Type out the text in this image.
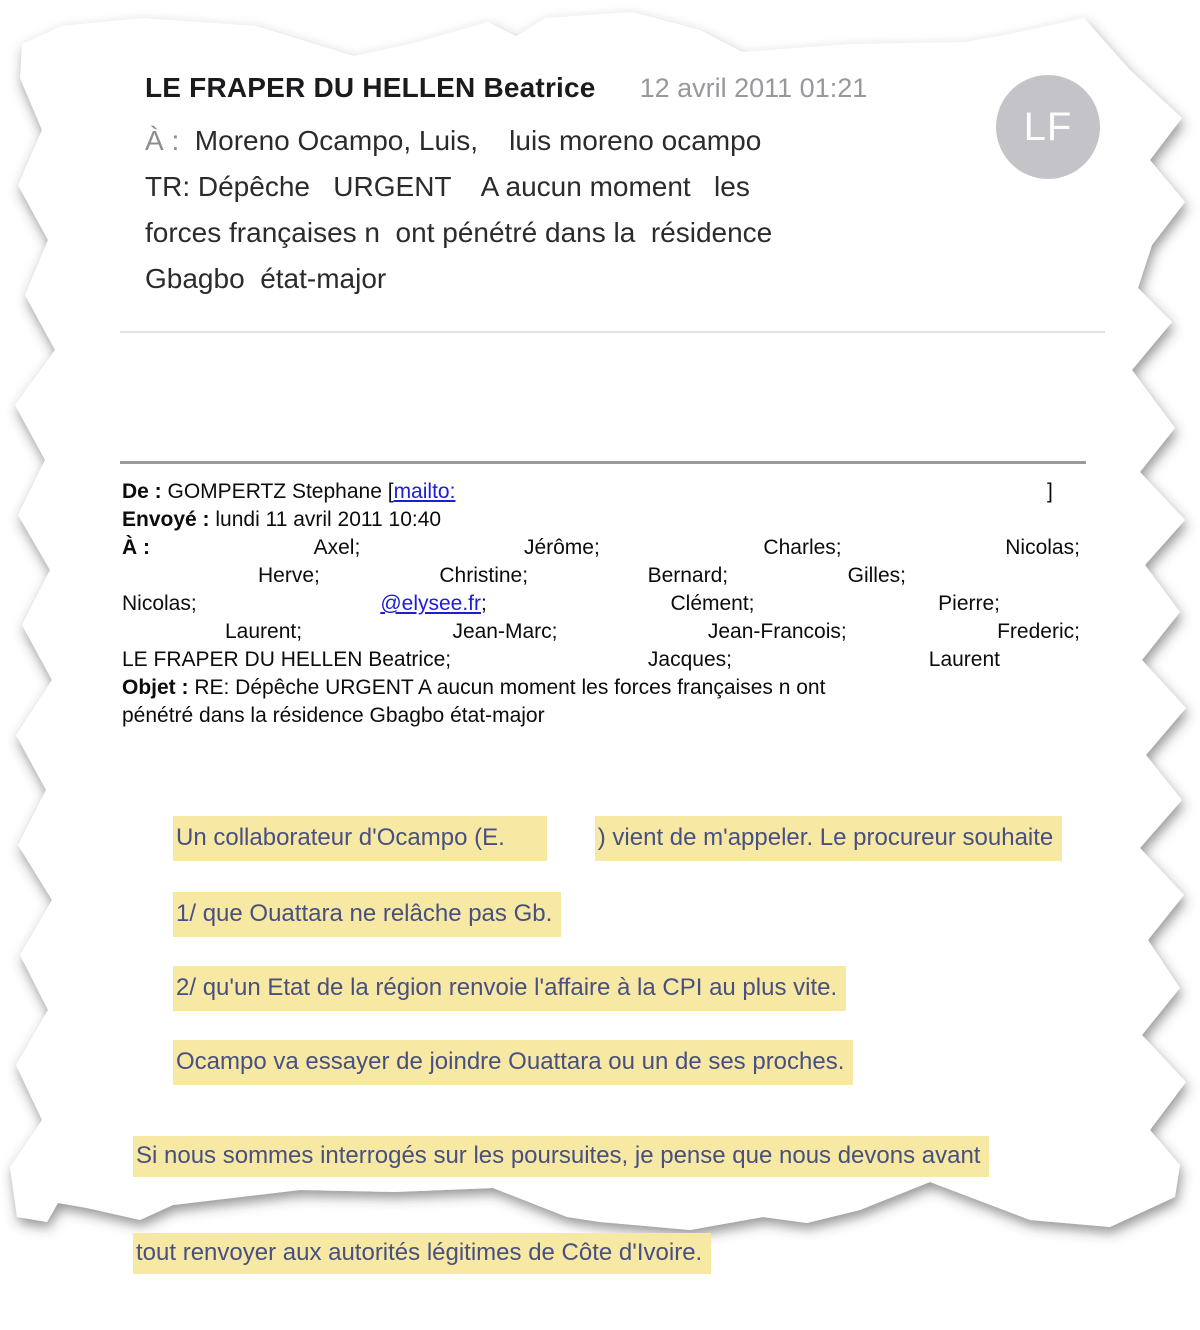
LE FRAPER DU HELLEN Beatrice 12 avril 2011 01:21
À :  Moreno Ocampo, Luis,    luis moreno ocampo
TR: Dépêche   URGENT    A aucun moment   les
forces françaises n  ont pénétré dans la  résidence
Gbagbo  état-major
LF
De : GOMPERTZ Stephane [mailto:	]
Envoyé : lundi 11 avril 2011 10:40
À :	Axel;	Jérôme;	Charles;	Nicolas;
Herve;	Christine;	Bernard;	Gilles;
Nicolas;	@elysee.fr;	Clément;	Pierre;
Laurent;	Jean-Marc;	Jean-Francois;	Frederic;
LE FRAPER DU HELLEN Beatrice;	Jacques;	Laurent
Objet : RE: Dépêche URGENT A aucun moment les forces françaises n ont
pénétré dans la résidence Gbagbo état-major

Un collaborateur d'Ocampo (E.	) vient de m'appeler. Le procureur souhaite

1/ que Ouattara ne relâche pas Gb.

2/ qu'un Etat de la région renvoie l'affaire à la CPI au plus vite.

Ocampo va essayer de joindre Ouattara ou un de ses proches.

Si nous sommes interrogés sur les poursuites, je pense que nous devons avant

tout renvoyer aux autorités légitimes de Côte d'Ivoire.
